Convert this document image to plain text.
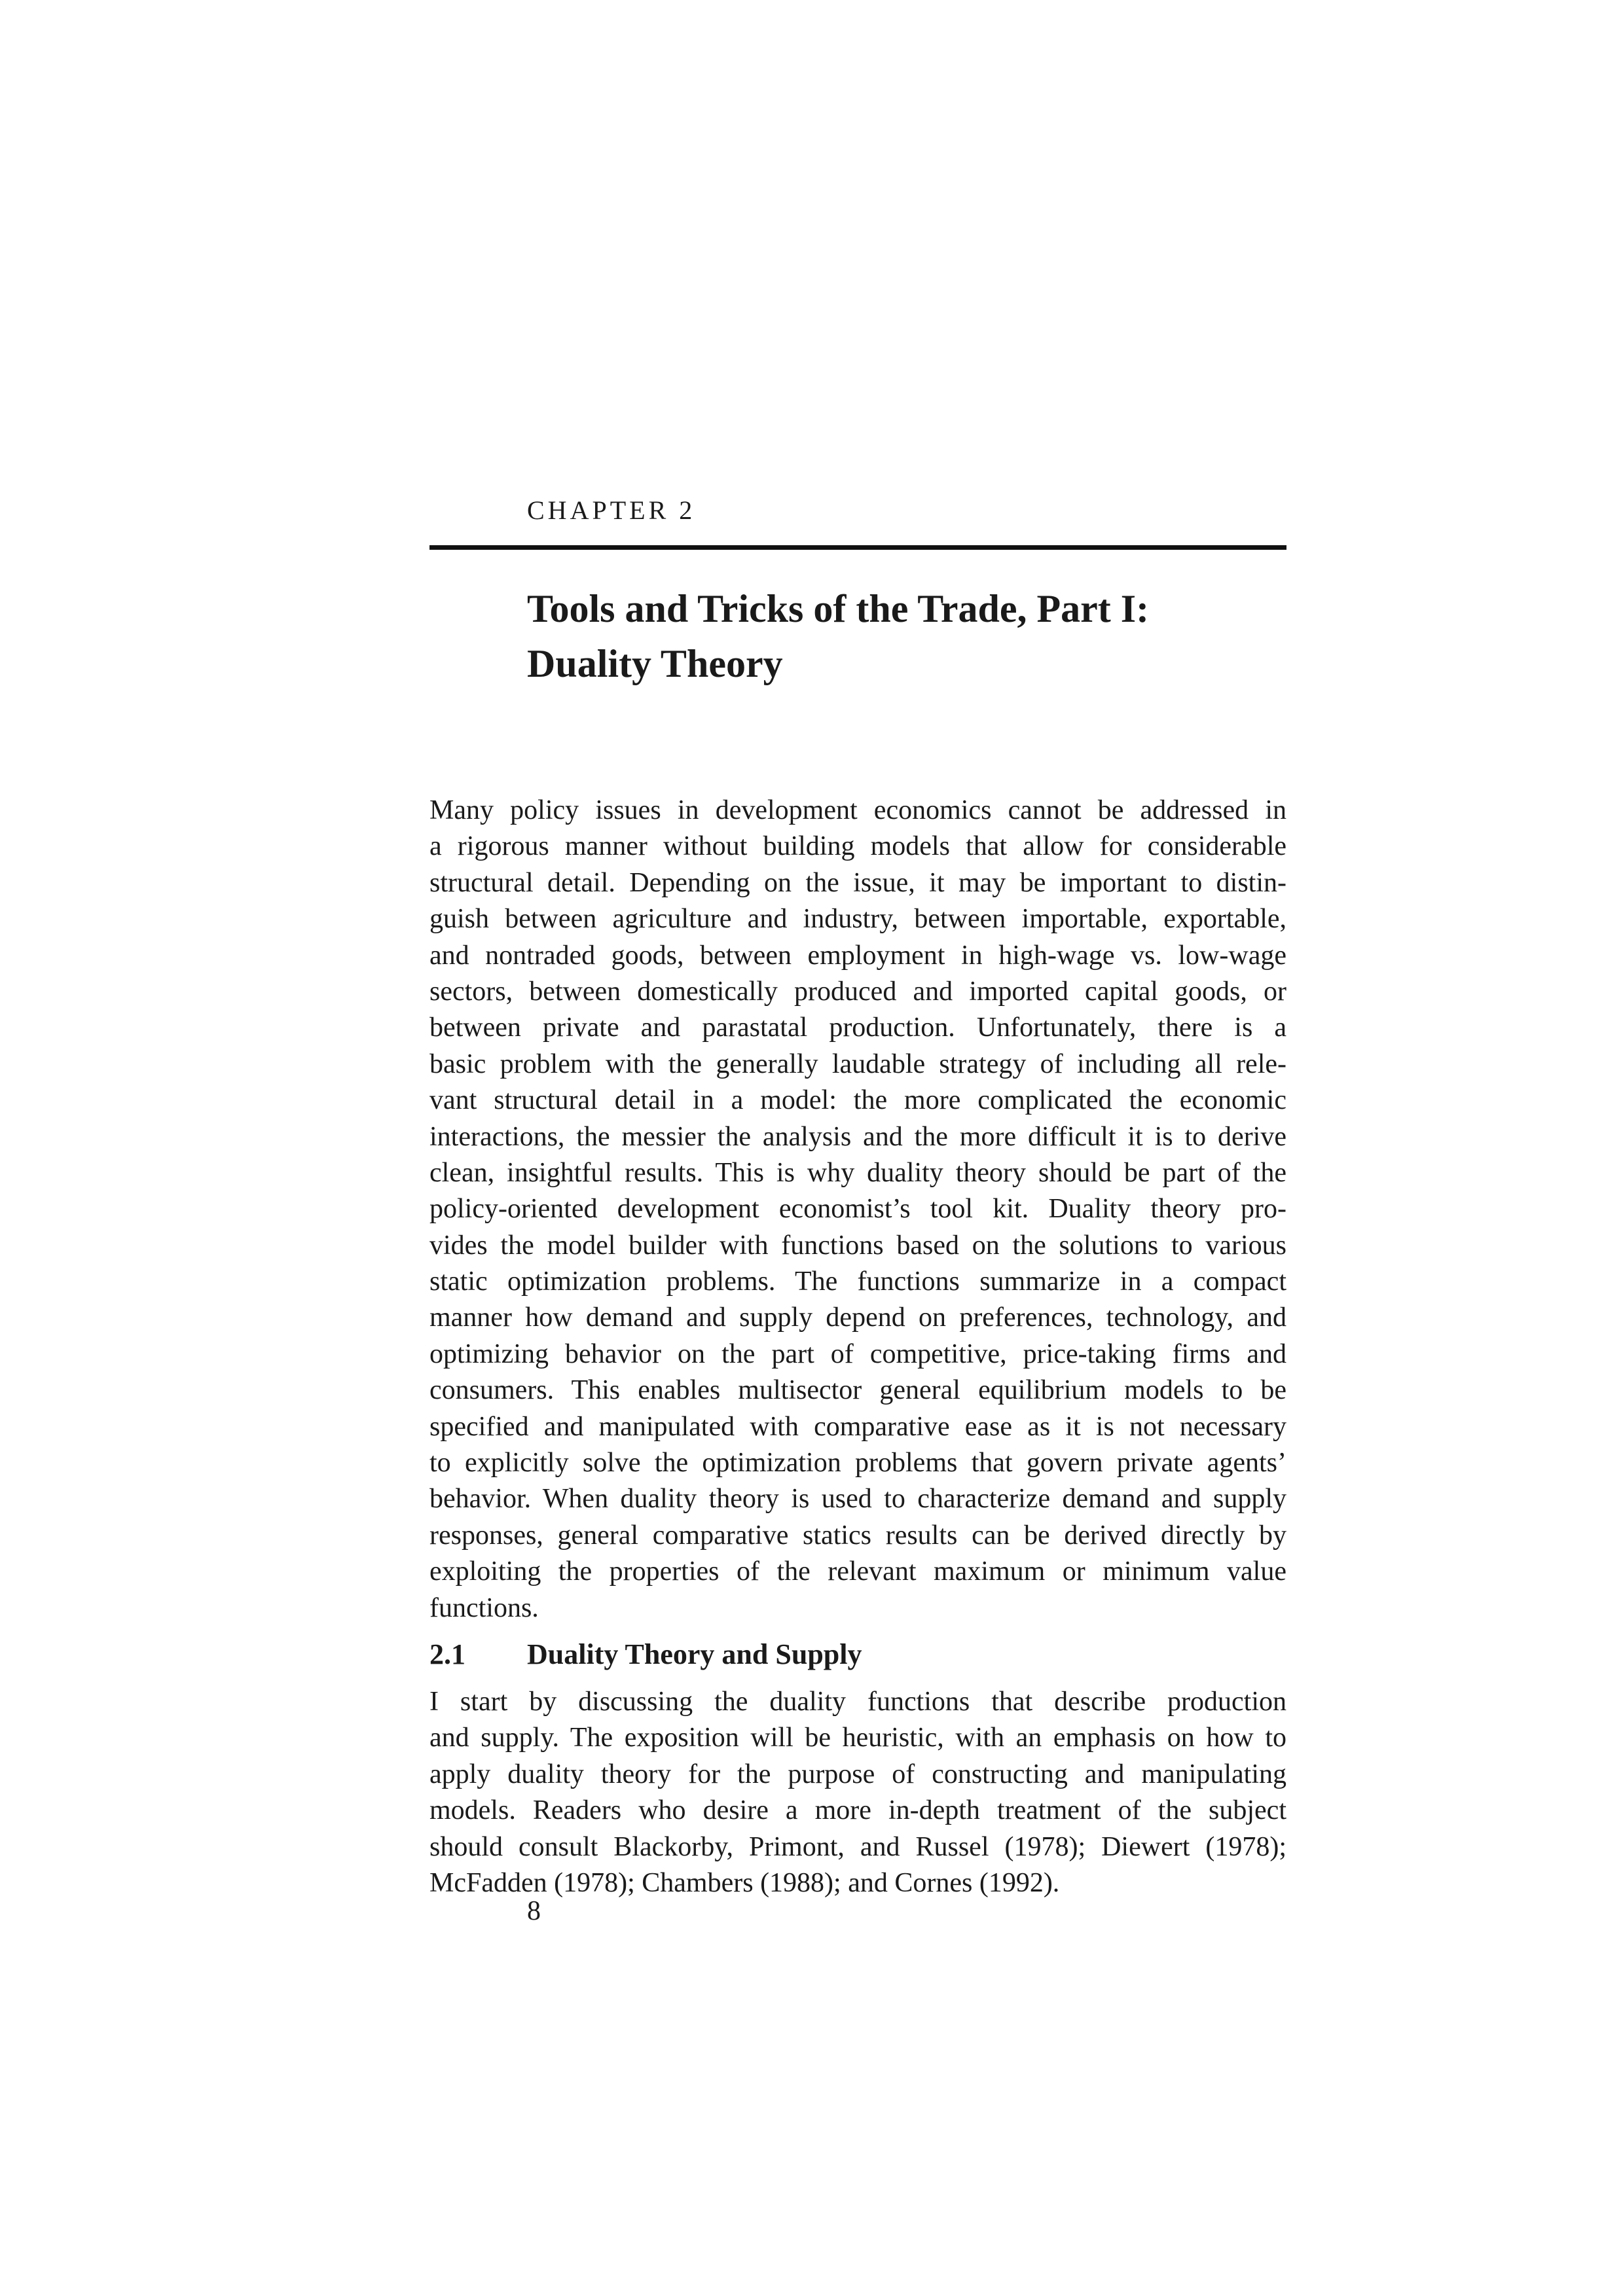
CHAPTER 2
Tools and Tricks of the Trade, Part I:
Duality Theory
Many policy issues in development economics cannot be addressed in
a rigorous manner without building models that allow for considerable
structural detail. Depending on the issue, it may be important to distin-
guish between agriculture and industry, between importable, exportable,
and nontraded goods, between employment in high-wage vs. low-wage
sectors, between domestically produced and imported capital goods, or
between private and parastatal production. Unfortunately, there is a
basic problem with the generally laudable strategy of including all rele-
vant structural detail in a model: the more complicated the economic
interactions, the messier the analysis and the more difficult it is to derive
clean, insightful results. This is why duality theory should be part of the
policy-oriented development economist’s tool kit. Duality theory pro-
vides the model builder with functions based on the solutions to various
static optimization problems. The functions summarize in a compact
manner how demand and supply depend on preferences, technology, and
optimizing behavior on the part of competitive, price-taking firms and
consumers. This enables multisector general equilibrium models to be
specified and manipulated with comparative ease as it is not necessary
to explicitly solve the optimization problems that govern private agents’
behavior. When duality theory is used to characterize demand and supply
responses, general comparative statics results can be derived directly by
exploiting the properties of the relevant maximum or minimum value
functions.
2.1 Duality Theory and Supply
I start by discussing the duality functions that describe production
and supply. The exposition will be heuristic, with an emphasis on how to
apply duality theory for the purpose of constructing and manipulating
models. Readers who desire a more in-depth treatment of the subject
should consult Blackorby, Primont, and Russel (1978); Diewert (1978);
McFadden (1978); Chambers (1988); and Cornes (1992).
8
